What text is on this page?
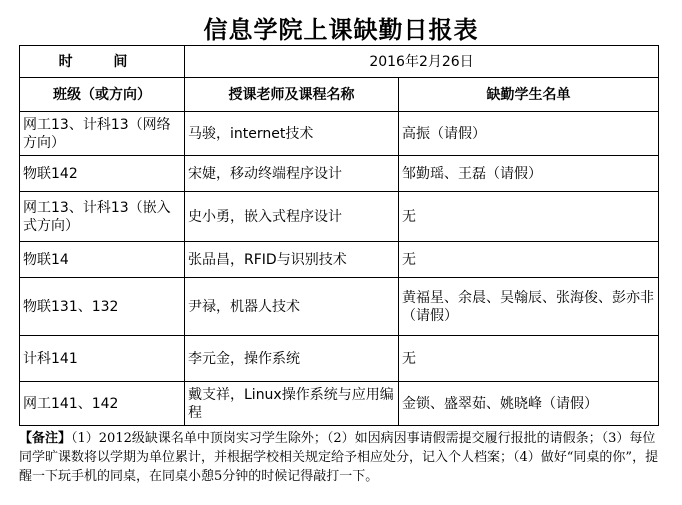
信息学院上课缺勤日报表
时 间	2016年2月26日	
班级（或方向）	授课老师及课程名称	缺勤学生名单
网工13、计科13（网络方向）	马骏，internet技术	高振（请假）
物联142	宋婕，移动终端程序设计	邹勤瑶、王磊（请假）
网工13、计科13（嵌入式方向）	史小勇，嵌入式程序设计	无
物联14	张品昌，RFID与识别技术	无
物联131、132	尹禄，机器人技术	黄福星、余晨、吴翰辰、张海俊、彭亦非（请假）
计科141	李元金，操作系统	无
网工141、142	戴支祥，Linux操作系统与应用编程	金锁、盛翠茹、姚晓峰（请假）
【备注】（1）2012级缺课名单中顶岗实习学生除外；（2）如因病因事请假需提交履行报批的请假条；（3）每位同学旷课数将以学期为单位累计，并根据学校相关规定给予相应处分，记入个人档案；（4）做好“同桌的你”，提醒一下玩手机的同桌，在同桌小憩5分钟的时候记得敲打一下。
